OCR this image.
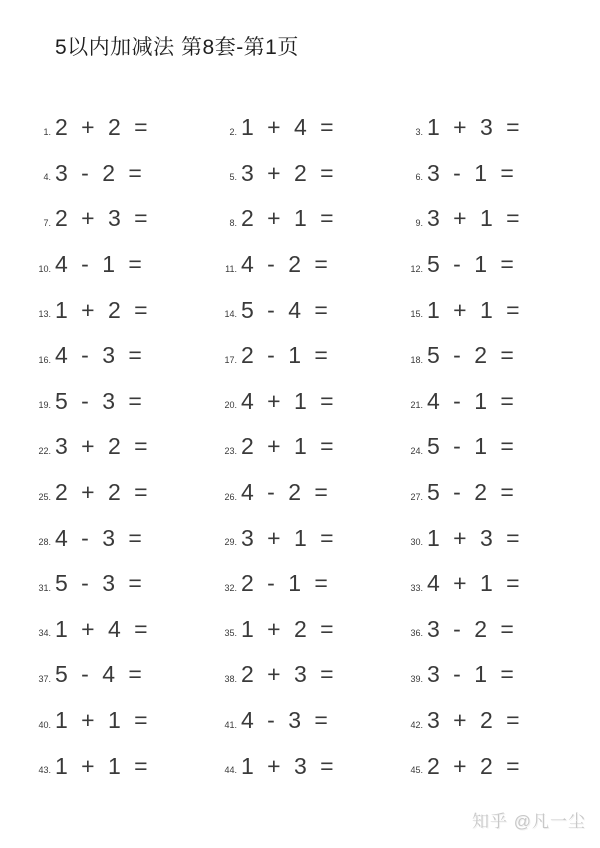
5以内加减法 第8套-第1页
1. 2 + 2 =	2. 1 + 4 =	3. 1 + 3 =
4. 3 - 2 =	5. 3 + 2 =	6. 3 - 1 =
7. 2 + 3 =	8. 2 + 1 =	9. 3 + 1 =
10. 4 - 1 =	11. 4 - 2 =	12. 5 - 1 =
13. 1 + 2 =	14. 5 - 4 =	15. 1 + 1 =
16. 4 - 3 =	17. 2 - 1 =	18. 5 - 2 =
19. 5 - 3 =	20. 4 + 1 =	21. 4 - 1 =
22. 3 + 2 =	23. 2 + 1 =	24. 5 - 1 =
25. 2 + 2 =	26. 4 - 2 =	27. 5 - 2 =
28. 4 - 3 =	29. 3 + 1 =	30. 1 + 3 =
31. 5 - 3 =	32. 2 - 1 =	33. 4 + 1 =
34. 1 + 4 =	35. 1 + 2 =	36. 3 - 2 =
37. 5 - 4 =	38. 2 + 3 =	39. 3 - 1 =
40. 1 + 1 =	41. 4 - 3 =	42. 3 + 2 =
43. 1 + 1 =	44. 1 + 3 =	45. 2 + 2 =
知乎 @凡一尘
